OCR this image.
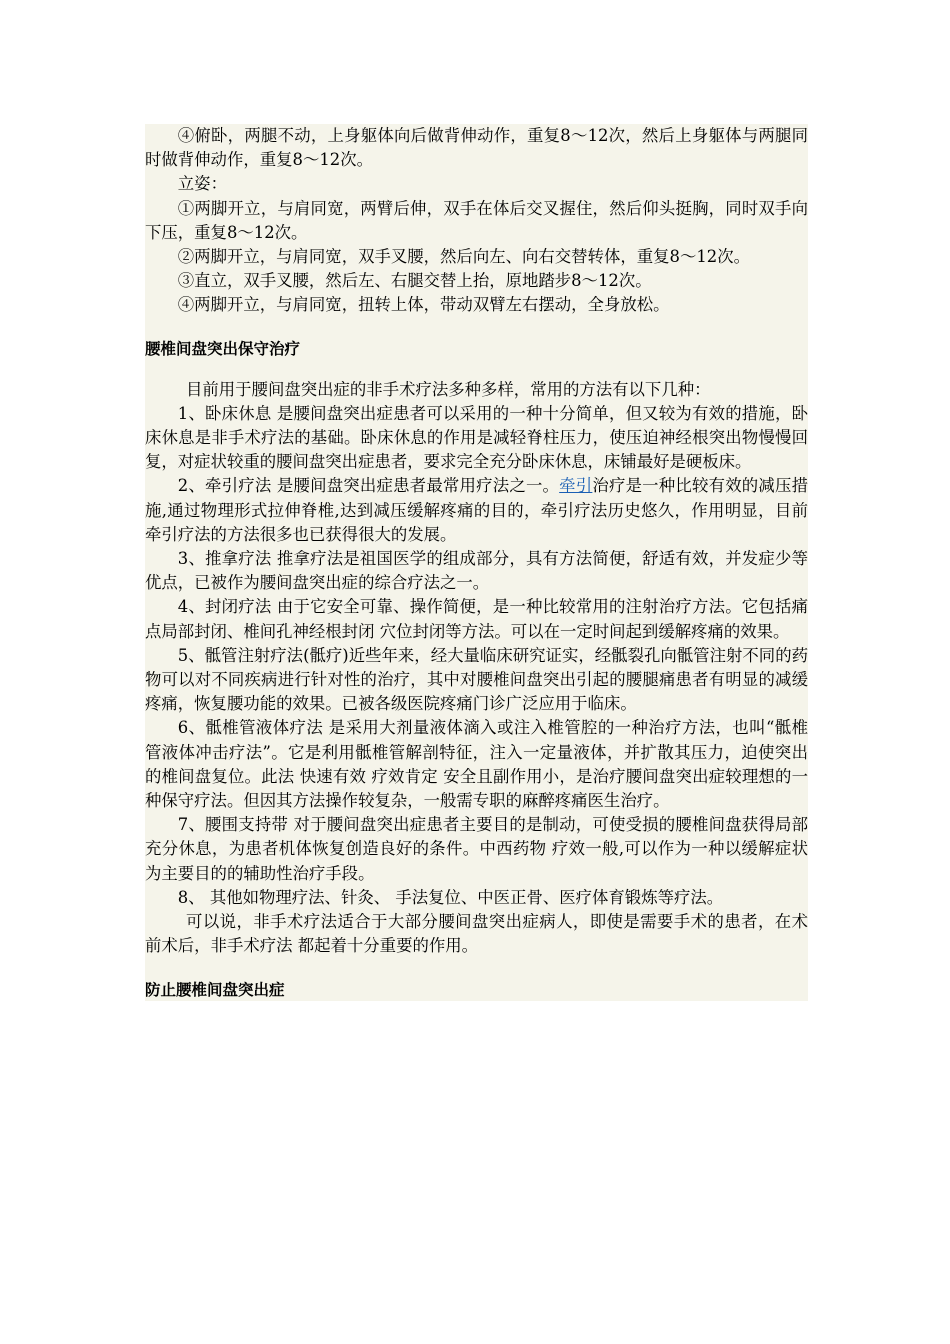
④俯卧，两腿不动，上身躯体向后做背伸动作，重复8～12次，然后上身躯体与两腿同时做背伸动作，重复8～12次。

立姿：

①两脚开立，与肩同宽，两臂后伸，双手在体后交叉握住，然后仰头挺胸，同时双手向下压，重复8～12次。

②两脚开立，与肩同宽，双手叉腰，然后向左、向右交替转体，重复8～12次。

③直立，双手叉腰，然后左、右腿交替上抬，原地踏步8～12次。

④两脚开立，与肩同宽，扭转上体，带动双臂左右摆动，全身放松。

腰椎间盘突出保守治疗

目前用于腰间盘突出症的非手术疗法多种多样，常用的方法有以下几种：

1、卧床休息 是腰间盘突出症患者可以采用的一种十分简单，但又较为有效的措施，卧床休息是非手术疗法的基础。卧床休息的作用是减轻脊柱压力，使压迫神经根突出物慢慢回复，对症状较重的腰间盘突出症患者，要求完全充分卧床休息，床铺最好是硬板床。

2、牵引疗法 是腰间盘突出症患者最常用疗法之一。牵引治疗是一种比较有效的减压措施,通过物理形式拉伸脊椎,达到减压缓解疼痛的目的，牵引疗法历史悠久，作用明显，目前牵引疗法的方法很多也已获得很大的发展。

3、推拿疗法 推拿疗法是祖国医学的组成部分，具有方法简便，舒适有效，并发症少等优点，已被作为腰间盘突出症的综合疗法之一。

4、封闭疗法 由于它安全可靠、操作简便，是一种比较常用的注射治疗方法。它包括痛点局部封闭、椎间孔神经根封闭 穴位封闭等方法。可以在一定时间起到缓解疼痛的效果。

5、骶管注射疗法(骶疗)近些年来，经大量临床研究证实，经骶裂孔向骶管注射不同的药物可以对不同疾病进行针对性的治疗，其中对腰椎间盘突出引起的腰腿痛患者有明显的减缓疼痛，恢复腰功能的效果。已被各级医院疼痛门诊广泛应用于临床。

6、骶椎管液体疗法 是采用大剂量液体滴入或注入椎管腔的一种治疗方法，也叫“骶椎管液体冲击疗法”。它是利用骶椎管解剖特征，注入一定量液体，并扩散其压力，迫使突出的椎间盘复位。此法 快速有效 疗效肯定 安全且副作用小，是治疗腰间盘突出症较理想的一种保守疗法。但因其方法操作较复杂，一般需专职的麻醉疼痛医生治疗。

7、腰围支持带 对于腰间盘突出症患者主要目的是制动，可使受损的腰椎间盘获得局部充分休息，为患者机体恢复创造良好的条件。中西药物 疗效一般,可以作为一种以缓解症状为主要目的的辅助性治疗手段。

8、 其他如物理疗法、针灸、 手法复位、中医正骨、医疗体育锻炼等疗法。

可以说，非手术疗法适合于大部分腰间盘突出症病人，即使是需要手术的患者，在术前术后，非手术疗法 都起着十分重要的作用。

防止腰椎间盘突出症
